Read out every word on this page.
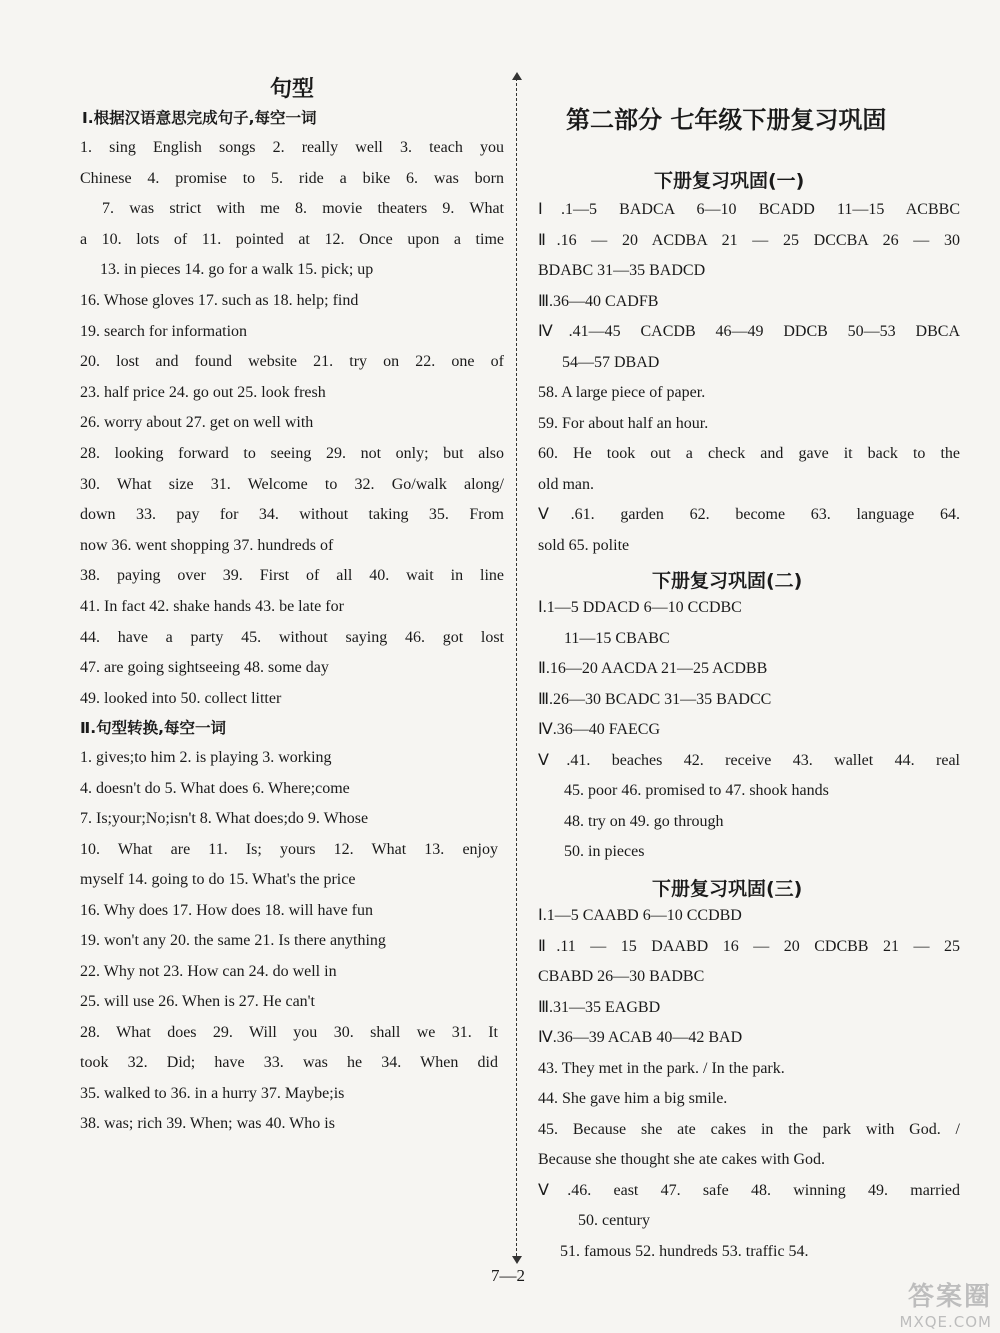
句型
Ⅰ.根据汉语意思完成句子,每空一词
1. sing English songs 2. really well 3. teach you
Chinese 4. promise to 5. ride a bike 6. was born
7. was strict with me 8. movie theaters 9. What
a 10. lots of 11. pointed at 12. Once upon a time
13. in pieces 14. go for a walk 15. pick; up
16. Whose gloves 17. such as 18. help; find
19. search for information
20. lost and found website 21. try on 22. one of
23. half price 24. go out 25. look fresh
26. worry about 27. get on well with
28. looking forward to seeing 29. not only; but also
30. What size 31. Welcome to 32. Go/walk along/
down 33. pay for 34. without taking 35. From
now 36. went shopping 37. hundreds of
38. paying over 39. First of all 40. wait in line
41. In fact 42. shake hands 43. be late for
44. have a party 45. without saying 46. got lost
47. are going sightseeing 48. some day
49. looked into 50. collect litter
Ⅱ.句型转换,每空一词
1. gives;to him 2. is playing 3. working
4. doesn't do 5. What does 6. Where;come
7. Is;your;No;isn't 8. What does;do 9. Whose
10. What are 11. Is; yours 12. What 13. enjoy
myself 14. going to do 15. What's the price
16. Why does 17. How does 18. will have fun
19. won't any 20. the same 21. Is there anything
22. Why not 23. How can 24. do well in
25. will use 26. When is 27. He can't
28. What does 29. Will you 30. shall we 31. It
took 32. Did; have 33. was he 34. When did
35. walked to 36. in a hurry 37. Maybe;is
38. was; rich 39. When; was 40. Who is
第二部分 七年级下册复习巩固
下册复习巩固(一)
Ⅰ.1—5 BADCA 6—10 BCADD 11—15 ACBBC
Ⅱ.16 — 20 ACDBA 21 — 25 DCCBA 26 — 30
BDABC 31—35 BADCD
Ⅲ.36—40 CADFB
Ⅳ.41—45 CACDB 46—49 DDCB 50—53 DBCA
54—57 DBAD
58. A large piece of paper.
59. For about half an hour.
60. He took out a check and gave it back to the
old man.
Ⅴ.61. garden 62. become 63. language 64.
sold 65. polite
下册复习巩固(二)
Ⅰ.1—5 DDACD 6—10 CCDBC
11—15 CBABC
Ⅱ.16—20 AACDA 21—25 ACDBB
Ⅲ.26—30 BCADC 31—35 BADCC
Ⅳ.36—40 FAECG
Ⅴ.41. beaches 42. receive 43. wallet 44. real
45. poor 46. promised to 47. shook hands
48. try on 49. go through
50. in pieces
下册复习巩固(三)
Ⅰ.1—5 CAABD 6—10 CCDBD
Ⅱ.11 — 15 DAABD 16 — 20 CDCBB 21 — 25
CBABD 26—30 BADBC
Ⅲ.31—35 EAGBD
Ⅳ.36—39 ACAB 40—42 BAD
43. They met in the park. / In the park.
44. She gave him a big smile.
45. Because she ate cakes in the park with God. /
Because she thought she ate cakes with God.
Ⅴ.46. east 47. safe 48. winning 49. married
50. century
51. famous 52. hundreds 53. traffic 54.
7—2
答案圈
MXQE.COM
